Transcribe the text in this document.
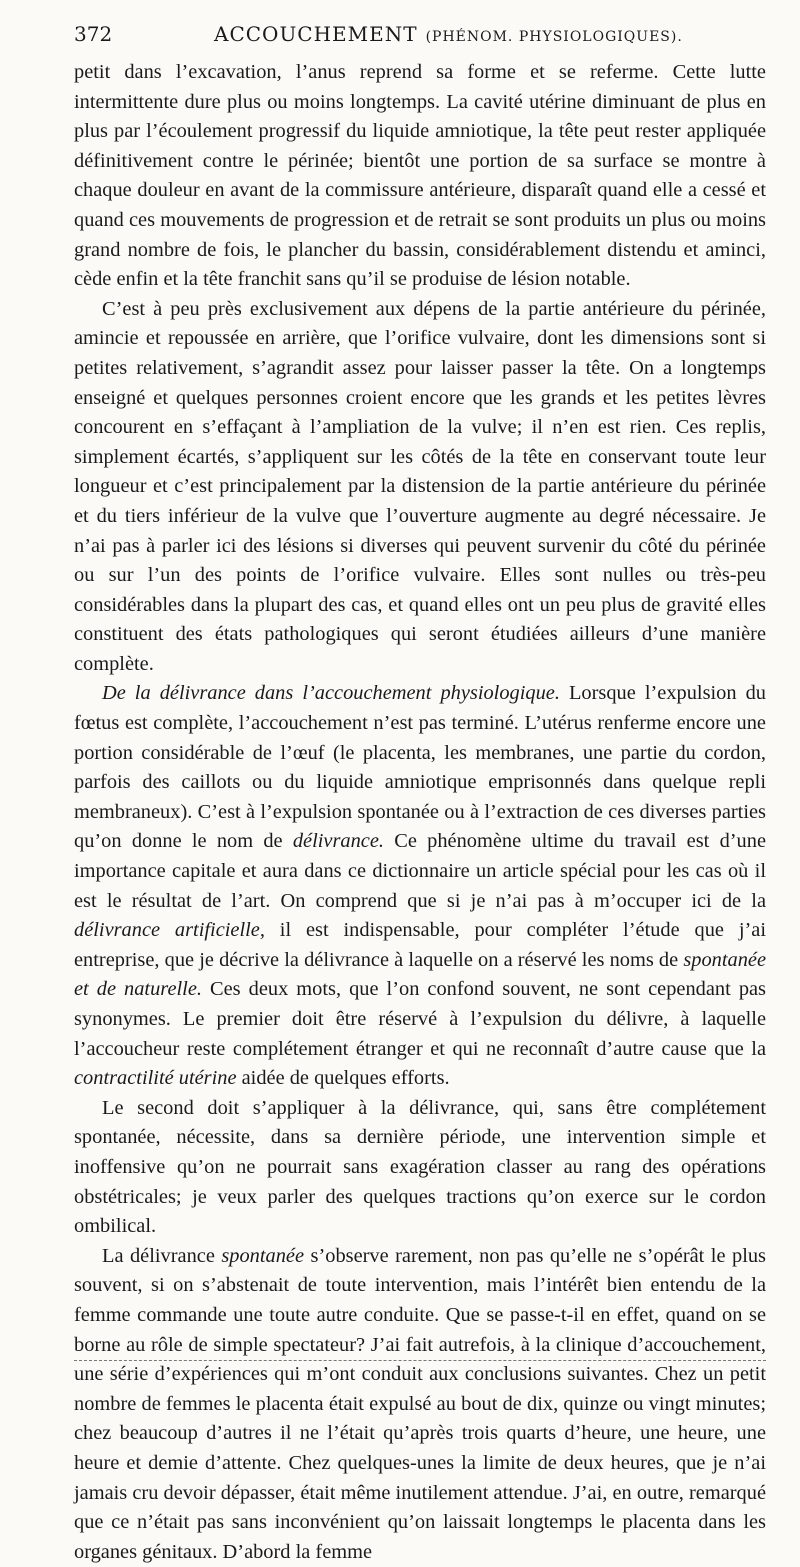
372	ACCOUCHEMENT (PHÉNOM. PHYSIOLOGIQUES).

petit dans l’excavation, l’anus reprend sa forme et se referme. Cette lutte intermittente dure plus ou moins longtemps. La cavité utérine diminuant de plus en plus par l’écoulement progressif du liquide amniotique, la tête peut rester appliquée définitivement contre le périnée; bientôt une portion de sa surface se montre à chaque douleur en avant de la commissure antérieure, disparaît quand elle a cessé et quand ces mouvements de progression et de retrait se sont produits un plus ou moins grand nombre de fois, le plancher du bassin, considérablement distendu et aminci, cède enfin et la tête franchit sans qu’il se produise de lésion notable.

C’est à peu près exclusivement aux dépens de la partie antérieure du périnée, amincie et repoussée en arrière, que l’orifice vulvaire, dont les dimensions sont si petites relativement, s’agrandit assez pour laisser passer la tête. On a longtemps enseigné et quelques personnes croient encore que les grands et les petites lèvres concourent en s’effaçant à l’ampliation de la vulve; il n’en est rien. Ces replis, simplement écartés, s’appliquent sur les côtés de la tête en conservant toute leur longueur et c’est principalement par la distension de la partie antérieure du périnée et du tiers inférieur de la vulve que l’ouverture augmente au degré nécessaire. Je n’ai pas à parler ici des lésions si diverses qui peuvent survenir du côté du périnée ou sur l’un des points de l’orifice vulvaire. Elles sont nulles ou très-peu considérables dans la plupart des cas, et quand elles ont un peu plus de gravité elles constituent des états pathologiques qui seront étudiées ailleurs d’une manière complète.

De la délivrance dans l’accouchement physiologique. Lorsque l’expulsion du fœtus est complète, l’accouchement n’est pas terminé. L’utérus renferme encore une portion considérable de l’œuf (le placenta, les membranes, une partie du cordon, parfois des caillots ou du liquide amniotique emprisonnés dans quelque repli membraneux). C’est à l’expulsion spontanée ou à l’extraction de ces diverses parties qu’on donne le nom de délivrance. Ce phénomène ultime du travail est d’une importance capitale et aura dans ce dictionnaire un article spécial pour les cas où il est le résultat de l’art. On comprend que si je n’ai pas à m’occuper ici de la délivrance artificielle, il est indispensable, pour compléter l’étude que j’ai entreprise, que je décrive la délivrance à laquelle on a réservé les noms de spontanée et de naturelle. Ces deux mots, que l’on confond souvent, ne sont cependant pas synonymes. Le premier doit être réservé à l’expulsion du délivre, à laquelle l’accoucheur reste complétement étranger et qui ne reconnaît d’autre cause que la contractilité utérine aidée de quelques efforts.

Le second doit s’appliquer à la délivrance, qui, sans être complétement spontanée, nécessite, dans sa dernière période, une intervention simple et inoffensive qu’on ne pourrait sans exagération classer au rang des opérations obstétricales; je veux parler des quelques tractions qu’on exerce sur le cordon ombilical.

La délivrance spontanée s’observe rarement, non pas qu’elle ne s’opérât le plus souvent, si on s’abstenait de toute intervention, mais l’intérêt bien entendu de la femme commande une toute autre conduite. Que se passe-t-il en effet, quand on se borne au rôle de simple spectateur? J’ai fait autrefois, à la clinique d’accouchement, une série d’expériences qui m’ont conduit aux conclusions suivantes. Chez un petit nombre de femmes le placenta était expulsé au bout de dix, quinze ou vingt minutes; chez beaucoup d’autres il ne l’était qu’après trois quarts d’heure, une heure, une heure et demie d’attente. Chez quelques-unes la limite de deux heures, que je n’ai jamais cru devoir dépasser, était même inutilement attendue. J’ai, en outre, remarqué que ce n’était pas sans inconvénient qu’on laissait longtemps le placenta dans les organes génitaux. D’abord la femme
